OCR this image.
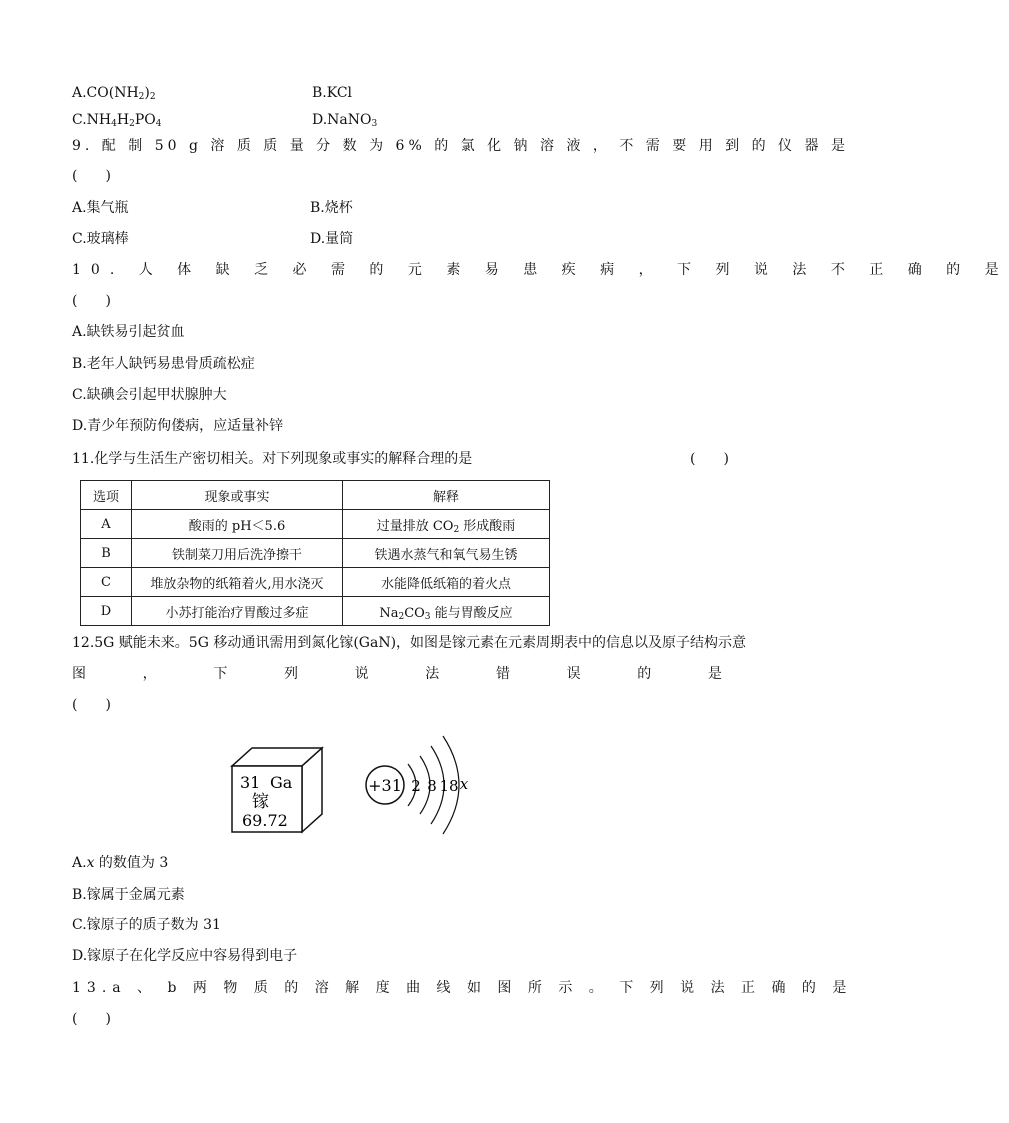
$A.CO(NH_2)_2$	B.KCl
$C.NH_4H_2PO_4$	D.NaNO$_3$
9. 配 制 50 g 溶 质 质 量 分 数 为 6% 的 氯 化 钠 溶 液 ， 不 需 要 用 到 的 仪 器 是
(　　)
A.集气瓶	B.烧杯
C.玻璃棒	D.量筒
10. 人 体 缺 乏 必 需 的 元 素 易 患 疾 病 ， 下 列 说 法 不 正 确 的 是
(　　)
A.缺铁易引起贫血
B.老年人缺钙易患骨质疏松症
C.缺碘会引起甲状腺肿大
D.青少年预防佝偻病，应适量补锌
11.化学与生活生产密切相关。对下列现象或事实的解释合理的是	(　　)
选项	现象或事实	解释
A	酸雨的 pH＜5.6	过量排放 $CO_2$ 形成酸雨
B	铁制菜刀用后洗净擦干	铁遇水蒸气和氧气易生锈
C	堆放杂物的纸箱着火,用水浇灭	水能降低纸箱的着火点
D	小苏打能治疗胃酸过多症	$Na_2CO_3$ 能与胃酸反应
12.5G 赋能未来。5G 移动通讯需用到氮化镓(GaN)，如图是镓元素在元素周期表中的信息以及原子结构示意
图	，	下	列	说	法	错	误	的	是
(　　)
31 Ga
镓
69.72
+31 2 8 18 x
A.x 的数值为 3
B.镓属于金属元素
C.镓原子的质子数为 31
D.镓原子在化学反应中容易得到电子
13.a 、 b 两 物 质 的 溶 解 度 曲 线 如 图 所 示 。 下 列 说 法 正 确 的 是
(　　)
